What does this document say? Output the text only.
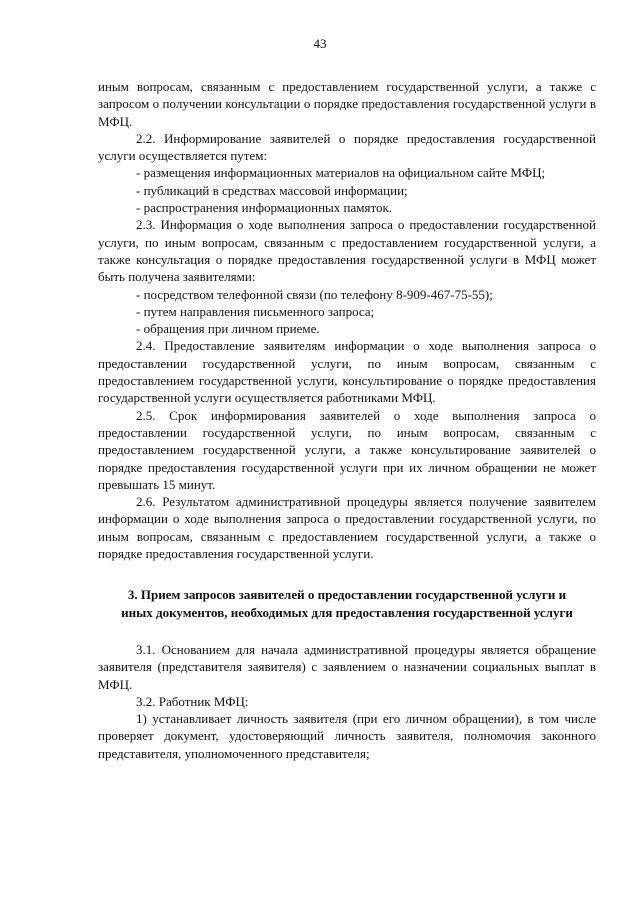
43

иным вопросам, связанным с предоставлением государственной услуги, а также с запросом о получении консультации о порядке предоставления государственной услуги в МФЦ.

2.2. Информирование заявителей о порядке предоставления государственной услуги осуществляется путем:

- размещения информационных материалов на официальном сайте МФЦ;

- публикаций в средствах массовой информации;

- распространения информационных памяток.

2.3. Информация о ходе выполнения запроса о предоставлении государственной услуги, по иным вопросам, связанным с предоставлением государственной услуги, а также консультация о порядке предоставления государственной услуги в МФЦ может быть получена заявителями:

- посредством телефонной связи (по телефону 8-909-467-75-55);

- путем направления письменного запроса;

- обращения при личном приеме.

2.4. Предоставление заявителям информации о ходе выполнения запроса о предоставлении государственной услуги, по иным вопросам, связанным с предоставлением государственной услуги, консультирование о порядке предоставления государственной услуги осуществляется работниками МФЦ.

2.5. Срок информирования заявителей о ходе выполнения запроса о предоставлении государственной услуги, по иным вопросам, связанным с предоставлением государственной услуги, а также консультирование заявителей о порядке предоставления государственной услуги при их личном обращении не может превышать 15 минут.

2.6. Результатом административной процедуры является получение заявителем информации о ходе выполнения запроса о предоставлении государственной услуги, по иным вопросам, связанным с предоставлением государственной услуги, а также о порядке предоставления государственной услуги.

3. Прием запросов заявителей о предоставлении государственной услуги и иных документов, необходимых для предоставления государственной услуги

3.1. Основанием для начала административной процедуры является обращение заявителя (представителя заявителя) с заявлением о назначении социальных выплат в МФЦ.

3.2. Работник МФЦ:

1) устанавливает личность заявителя (при его личном обращении), в том числе проверяет документ, удостоверяющий личность заявителя, полномочия законного представителя, уполномоченного представителя;
